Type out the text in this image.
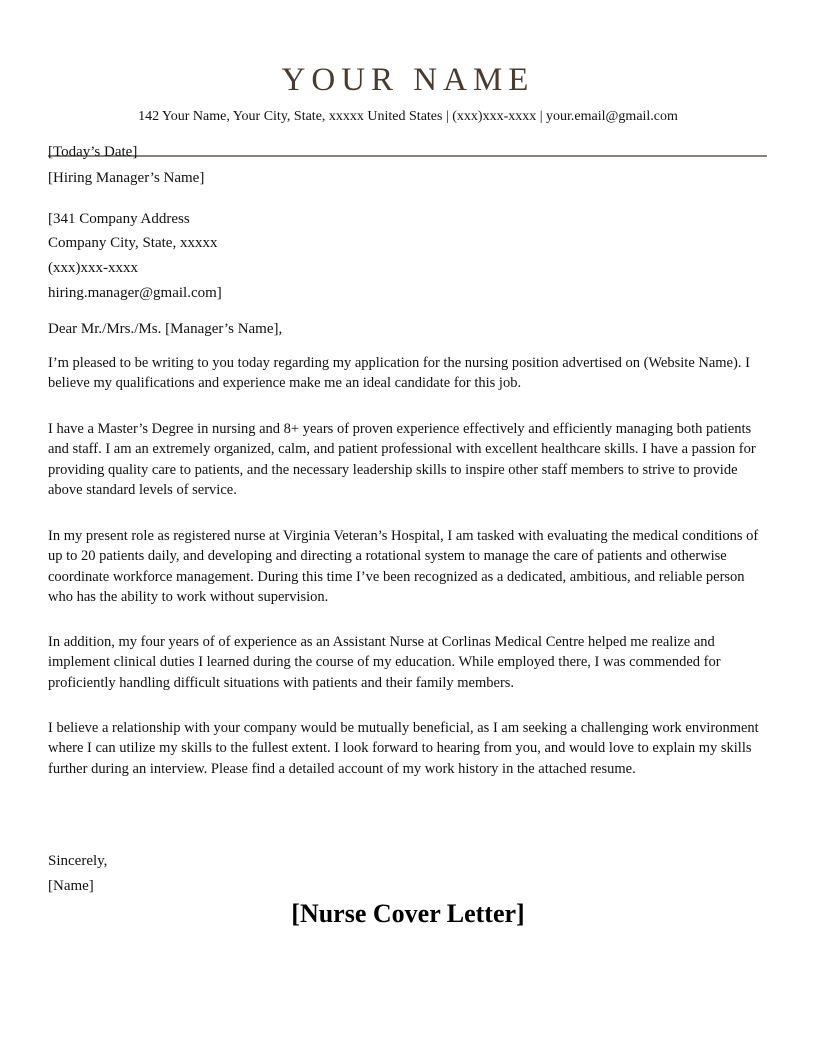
YOUR NAME
142 Your Name, Your City, State, xxxxx United States | (xxx)xxx-xxxx | your.email@gmail.com
[Today’s Date]
[Hiring Manager’s Name]
[341 Company Address
Company City, State, xxxxx
(xxx)xxx-xxxx
hiring.manager@gmail.com]
Dear Mr./Mrs./Ms. [Manager’s Name],
I’m pleased to be writing to you today regarding my application for the nursing position advertised on (Website Name). I believe my qualifications and experience make me an ideal candidate for this job.
I have a Master’s Degree in nursing and 8+ years of proven experience effectively and efficiently managing both patients and staff. I am an extremely organized, calm, and patient professional with excellent healthcare skills. I have a passion for providing quality care to patients, and the necessary leadership skills to inspire other staff members to strive to provide above standard levels of service.
In my present role as registered nurse at Virginia Veteran’s Hospital, I am tasked with evaluating the medical conditions of up to 20 patients daily, and developing and directing a rotational system to manage the care of patients and otherwise coordinate workforce management. During this time I’ve been recognized as a dedicated, ambitious, and reliable person who has the ability to work without supervision.
In addition, my four years of of experience as an Assistant Nurse at Corlinas Medical Centre helped me realize and implement clinical duties I learned during the course of my education. While employed there, I was commended for proficiently handling difficult situations with patients and their family members.
I believe a relationship with your company would be mutually beneficial, as I am seeking a challenging work environment where I can utilize my skills to the fullest extent. I look forward to hearing from you, and would love to explain my skills further during an interview. Please find a detailed account of my work history in the attached resume.
Sincerely,
[Name]
[Nurse Cover Letter]
